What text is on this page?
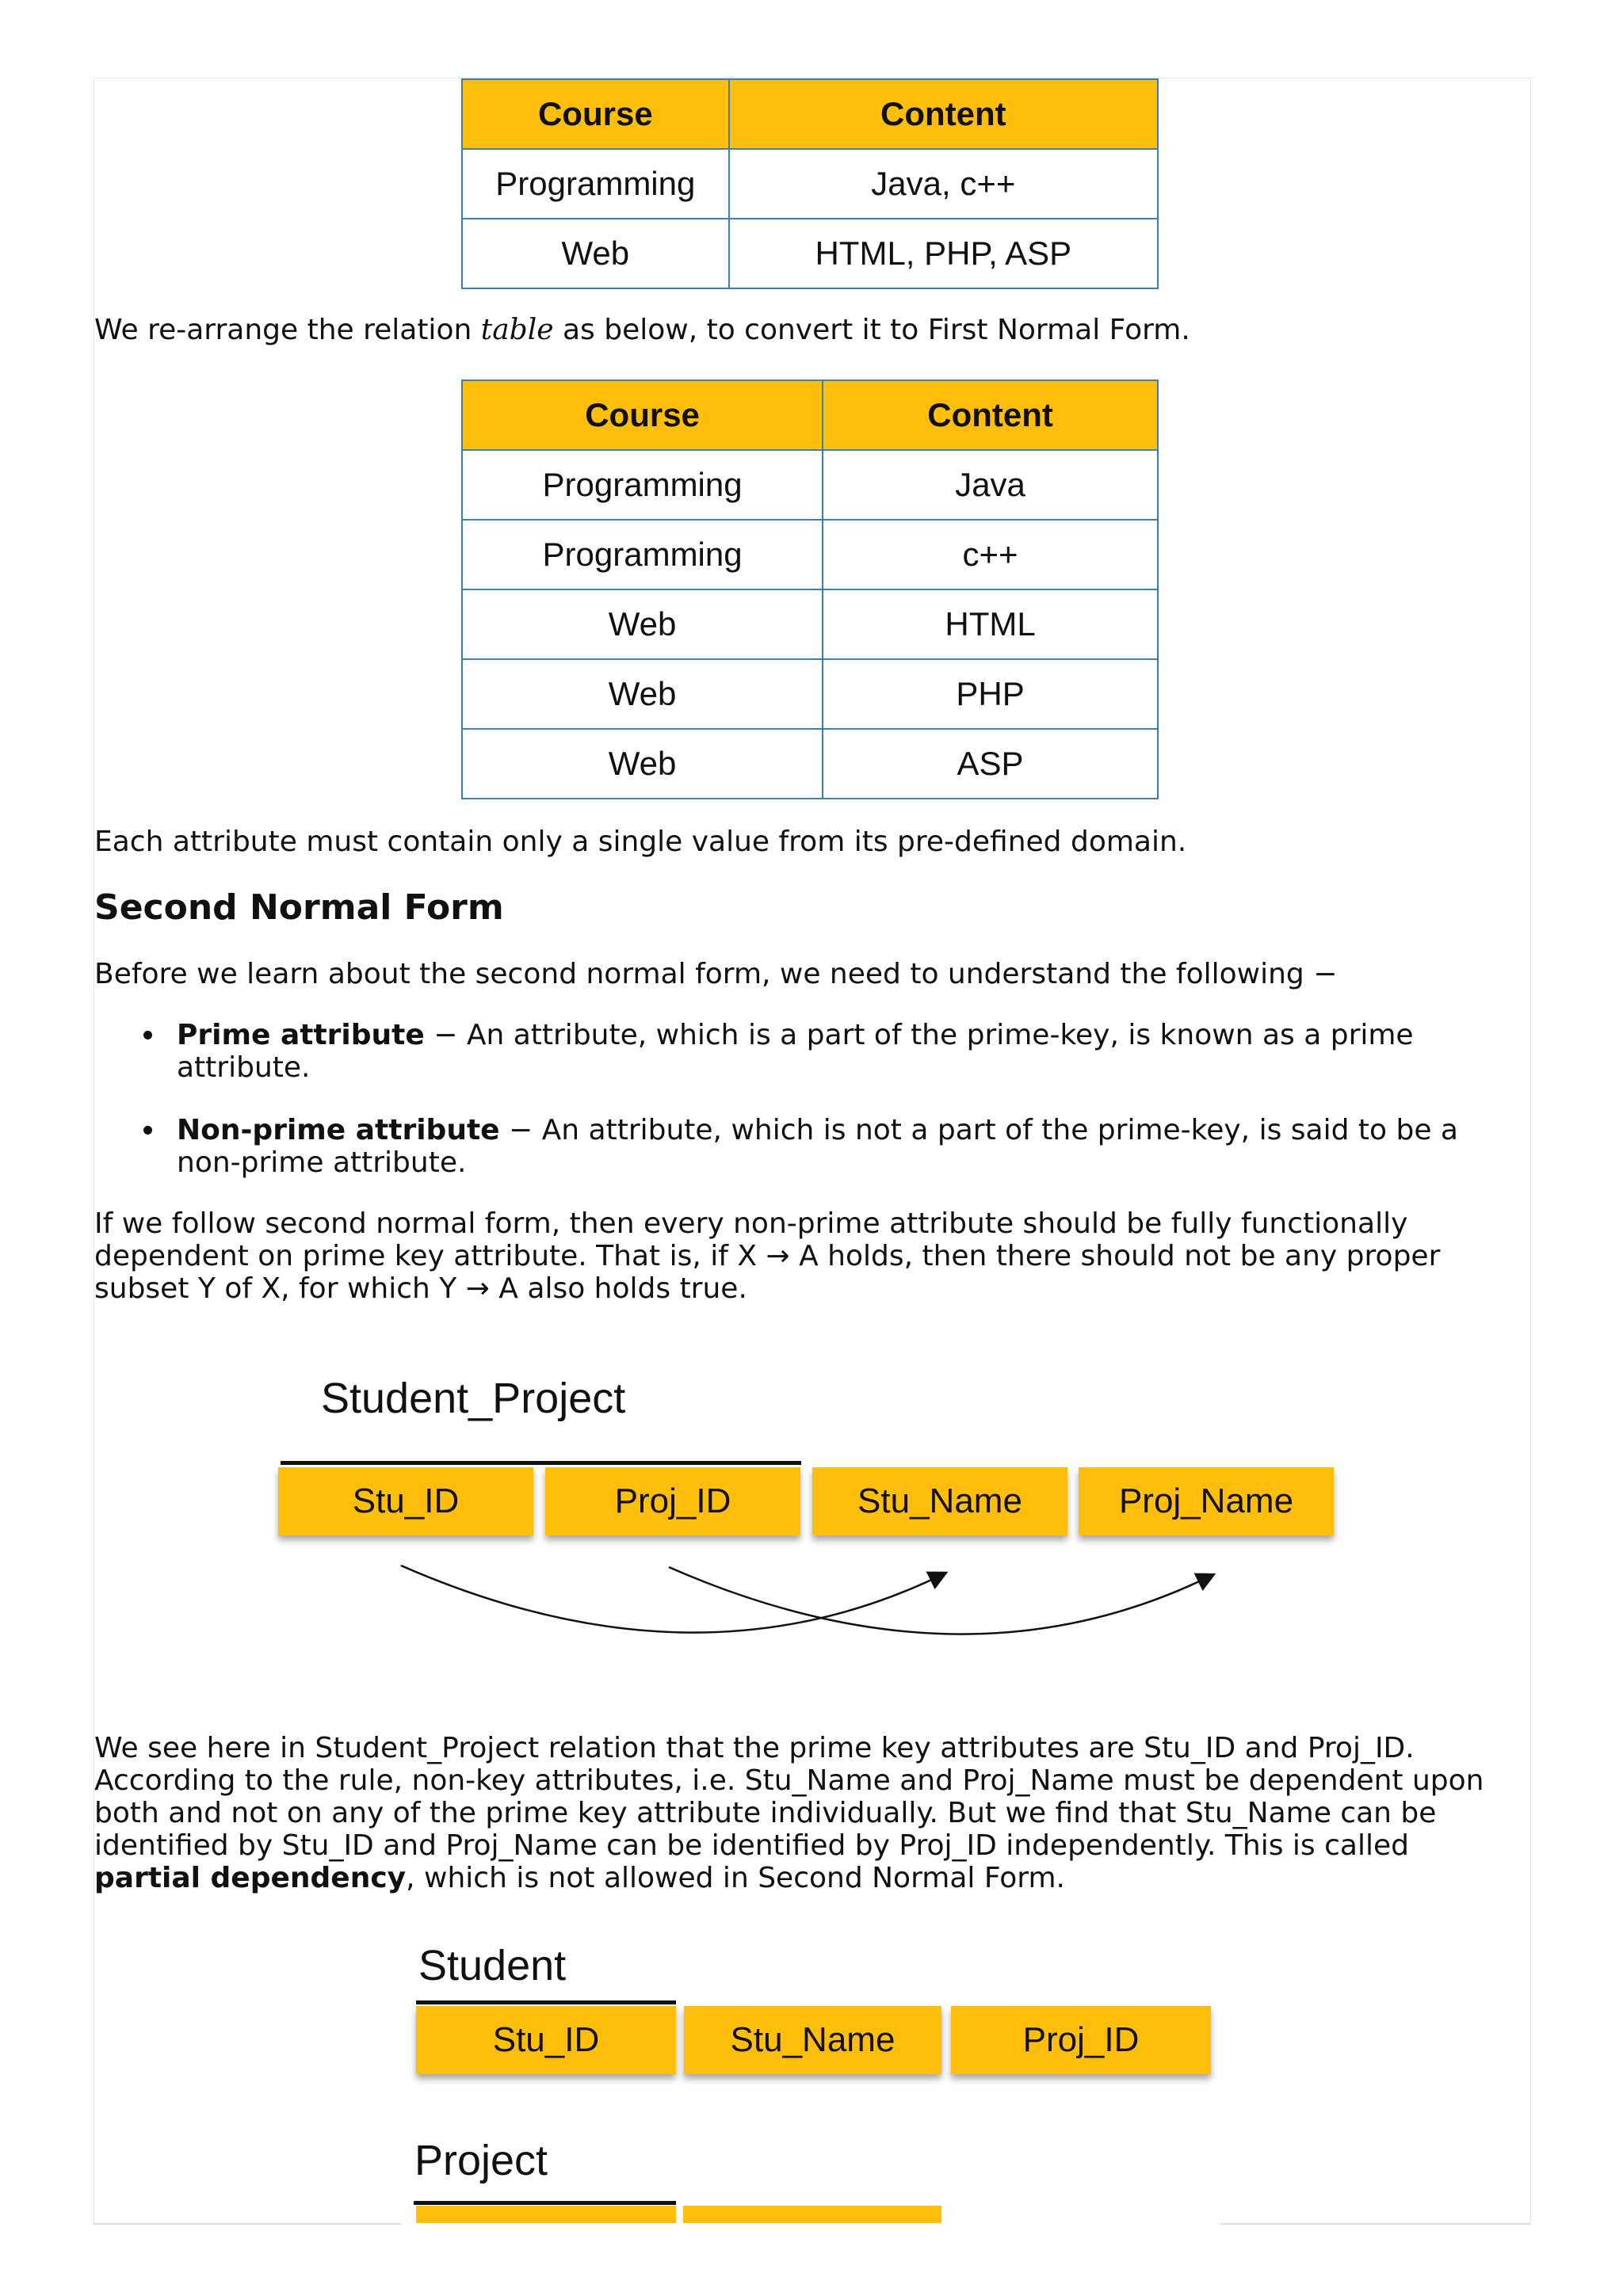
Course	Content
Programming	Java, c++
Web	HTML, PHP, ASP

We re-arrange the relation table as below, to convert it to First Normal Form.

Course	Content
Programming	Java
Programming	c++
Web	HTML
Web	PHP
Web	ASP

Each attribute must contain only a single value from its pre-defined domain.

Second Normal Form

Before we learn about the second normal form, we need to understand the following −

Prime attribute − An attribute, which is a part of the prime-key, is known as a prime
attribute.
Non-prime attribute − An attribute, which is not a part of the prime-key, is said to be a
non-prime attribute.

If we follow second normal form, then every non-prime attribute should be fully functionally
dependent on prime key attribute. That is, if X → A holds, then there should not be any proper
subset Y of X, for which Y → A also holds true.

Student_Project
Stu_ID	Proj_ID	Stu_Name	Proj_Name

We see here in Student_Project relation that the prime key attributes are Stu_ID and Proj_ID.
According to the rule, non-key attributes, i.e. Stu_Name and Proj_Name must be dependent upon
both and not on any of the prime key attribute individually. But we find that Stu_Name can be
identified by Stu_ID and Proj_Name can be identified by Proj_ID independently. This is called
partial dependency, which is not allowed in Second Normal Form.

Student
Stu_ID	Stu_Name	Proj_ID
Project
